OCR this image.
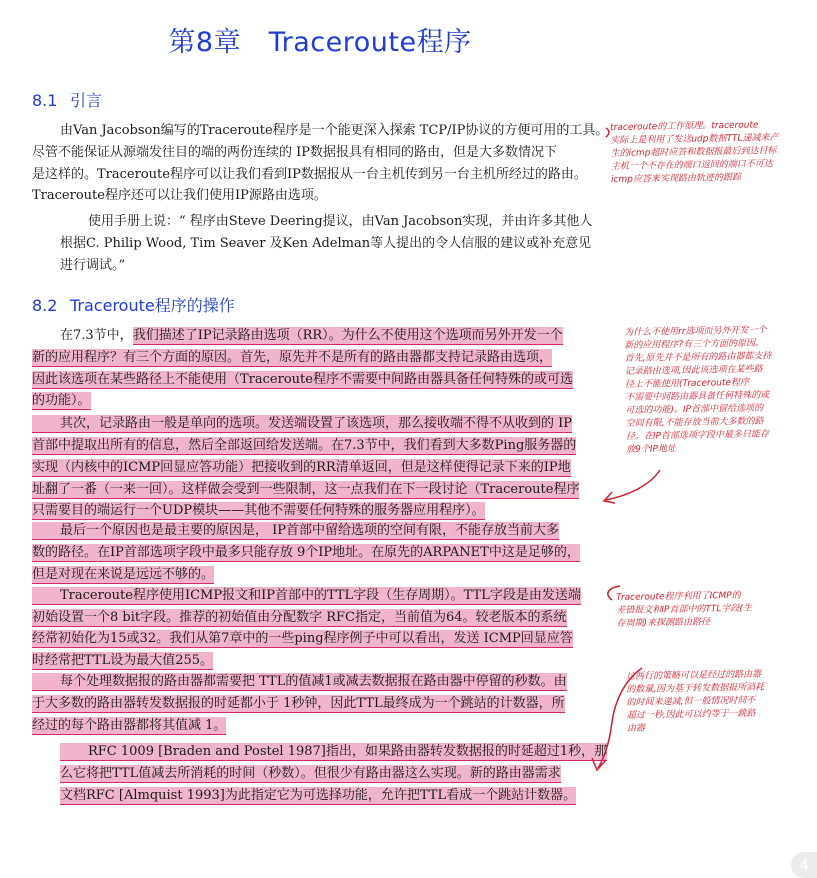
第8章　Traceroute程序
8.1 引言
由Van Jacobson编写的Traceroute程序是一个能更深入探索 TCP/IP协议的方便可用的工具。
尽管不能保证从源端发往目的端的两份连续的 IP数据报具有相同的路由，但是大多数情况下
是这样的。Traceroute程序可以让我们看到IP数据报从一台主机传到另一台主机所经过的路由。
Traceroute程序还可以让我们使用IP源路由选项。
使用手册上说：“ 程序由Steve Deering提议，由Van Jacobson实现，并由许多其他人
根据C. Philip Wood, Tim Seaver 及Ken Adelman等人提出的令人信服的建议或补充意见
进行调试。”
8.2 Traceroute程序的操作
在7.3节中，我们描述了IP记录路由选项（RR）。为什么不使用这个选项而另外开发一个
新的应用程序？有三个方面的原因。首先，原先并不是所有的路由器都支持记录路由选项，
因此该选项在某些路径上不能使用（Traceroute程序不需要中间路由器具备任何特殊的或可选
的功能）。
其次，记录路由一般是单向的选项。发送端设置了该选项，那么接收端不得不从收到的 IP
首部中提取出所有的信息，然后全部返回给发送端。在7.3节中，我们看到大多数Ping服务器的
实现（内核中的ICMP回显应答功能）把接收到的RR清单返回，但是这样使得记录下来的IP地
址翻了一番（一来一回）。这样做会受到一些限制，这一点我们在下一段讨论（Traceroute程序
只需要目的端运行一个UDP模块——其他不需要任何特殊的服务器应用程序）。
最后一个原因也是最主要的原因是， IP首部中留给选项的空间有限，不能存放当前大多
数的路径。在IP首部选项字段中最多只能存放 9个IP地址。在原先的ARPANET中这是足够的，
但是对现在来说是远远不够的。
Traceroute程序使用ICMP报文和IP首部中的TTL字段（生存周期）。TTL字段是由发送端
初始设置一个8 bit字段。推荐的初始值由分配数字 RFC指定，当前值为64。较老版本的系统
经常初始化为15或32。我们从第7章中的一些ping程序例子中可以看出，发送 ICMP回显应答
时经常把TTL设为最大值255。
每个处理数据报的路由器都需要把 TTL的值减1或减去数据报在路由器中停留的秒数。由
于大多数的路由器转发数据报的时延都小于 1秒钟，因此TTL最终成为一个跳站的计数器，所
经过的每个路由器都将其值减 1。
RFC 1009 [Braden and Postel 1987]指出，如果路由器转发数据报的时延超过1秒，那
么它将把TTL值减去所消耗的时间（秒数）。但很少有路由器这么实现。新的路由器需求
文档RFC [Almquist 1993]为此指定它为可选择功能，允许把TTL看成一个跳站计数器。
traceroute的工作原理。traceroute
实际上是利用了发送udp数据TTL递减来产
生的icmp超时应答和数据报最后到达目标
主机一个不存在的端口返回的端口不可达
icmp应答来实现路由轨迹的跟踪
为什么不使用rr选项而另外开发一个
新的应用程序?有三个方面的原因。
首先,原先并不是所有的路由器都支持
记录路由选项,因此该选项在某些路
径上不能使用(Traceroute程序
不需要中间路由器具备任何特殊的或
可选的功能)。IP首部中留给选项的
空间有限,不能存放当前大多数的路
径。在IP首部选项字段中最多只能存
放9个IP地址
Traceroute程序利用了ICMP的
差错报文和IP首部中的TTL字段(生
存周期)来探测路由路径
这两行的策略可以是经过的路由器
的数量,因为基于转发数据报所消耗
的时间来递减,但一般情况时间不
超过一秒,因此可以约等于一跳路
由器
4
